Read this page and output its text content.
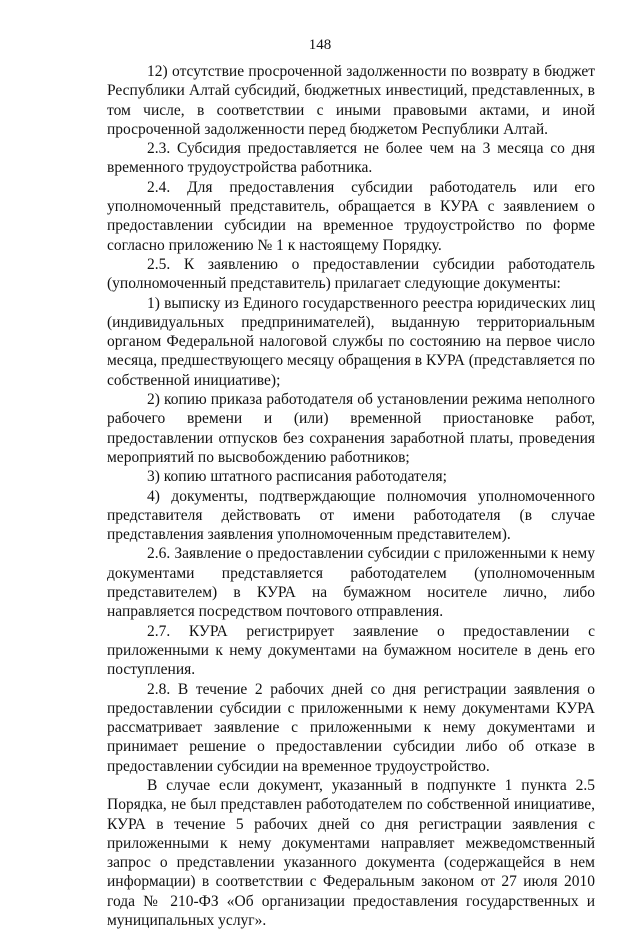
148

12) отсутствие просроченной задолженности по возврату в бюджет Республики Алтай субсидий, бюджетных инвестиций, представленных, в том числе, в соответствии с иными правовыми актами, и иной просроченной задолженности перед бюджетом Республики Алтай.

2.3. Субсидия предоставляется не более чем на 3 месяца со дня временного трудоустройства работника.

2.4. Для предоставления субсидии работодатель или его уполномоченный представитель, обращается в КУРА с заявлением о предоставлении субсидии на временное трудоустройство по форме согласно приложению № 1 к настоящему Порядку.

2.5. К заявлению о предоставлении субсидии работодатель (уполномоченный представитель) прилагает следующие документы:

1) выписку из Единого государственного реестра юридических лиц (индивидуальных предпринимателей), выданную территориальным органом Федеральной налоговой службы по состоянию на первое число месяца, предшествующего месяцу обращения в КУРА (представляется по собственной инициативе);

2) копию приказа работодателя об установлении режима неполного рабочего времени и (или) временной приостановке работ, предоставлении отпусков без сохранения заработной платы, проведения мероприятий по высвобождению работников;

3) копию штатного расписания работодателя;

4) документы, подтверждающие полномочия уполномоченного представителя действовать от имени работодателя (в случае представления заявления уполномоченным представителем).

2.6. Заявление о предоставлении субсидии с приложенными к нему документами представляется работодателем (уполномоченным представителем) в КУРА на бумажном носителе лично, либо направляется посредством почтового отправления.

2.7. КУРА регистрирует заявление о предоставлении с приложенными к нему документами на бумажном носителе в день его поступления.

2.8. В течение 2 рабочих дней со дня регистрации заявления о предоставлении субсидии с приложенными к нему документами КУРА рассматривает заявление с приложенными к нему документами и принимает решение о предоставлении субсидии либо об отказе в предоставлении субсидии на временное трудоустройство.

В случае если документ, указанный в подпункте 1 пункта 2.5 Порядка, не был представлен работодателем по собственной инициативе, КУРА в течение 5 рабочих дней со дня регистрации заявления с приложенными к нему документами направляет межведомственный запрос о представлении указанного документа (содержащейся в нем информации) в соответствии с Федеральным законом от 27 июля 2010 года № 210-ФЗ «Об организации предоставления государственных и муниципальных услуг».
